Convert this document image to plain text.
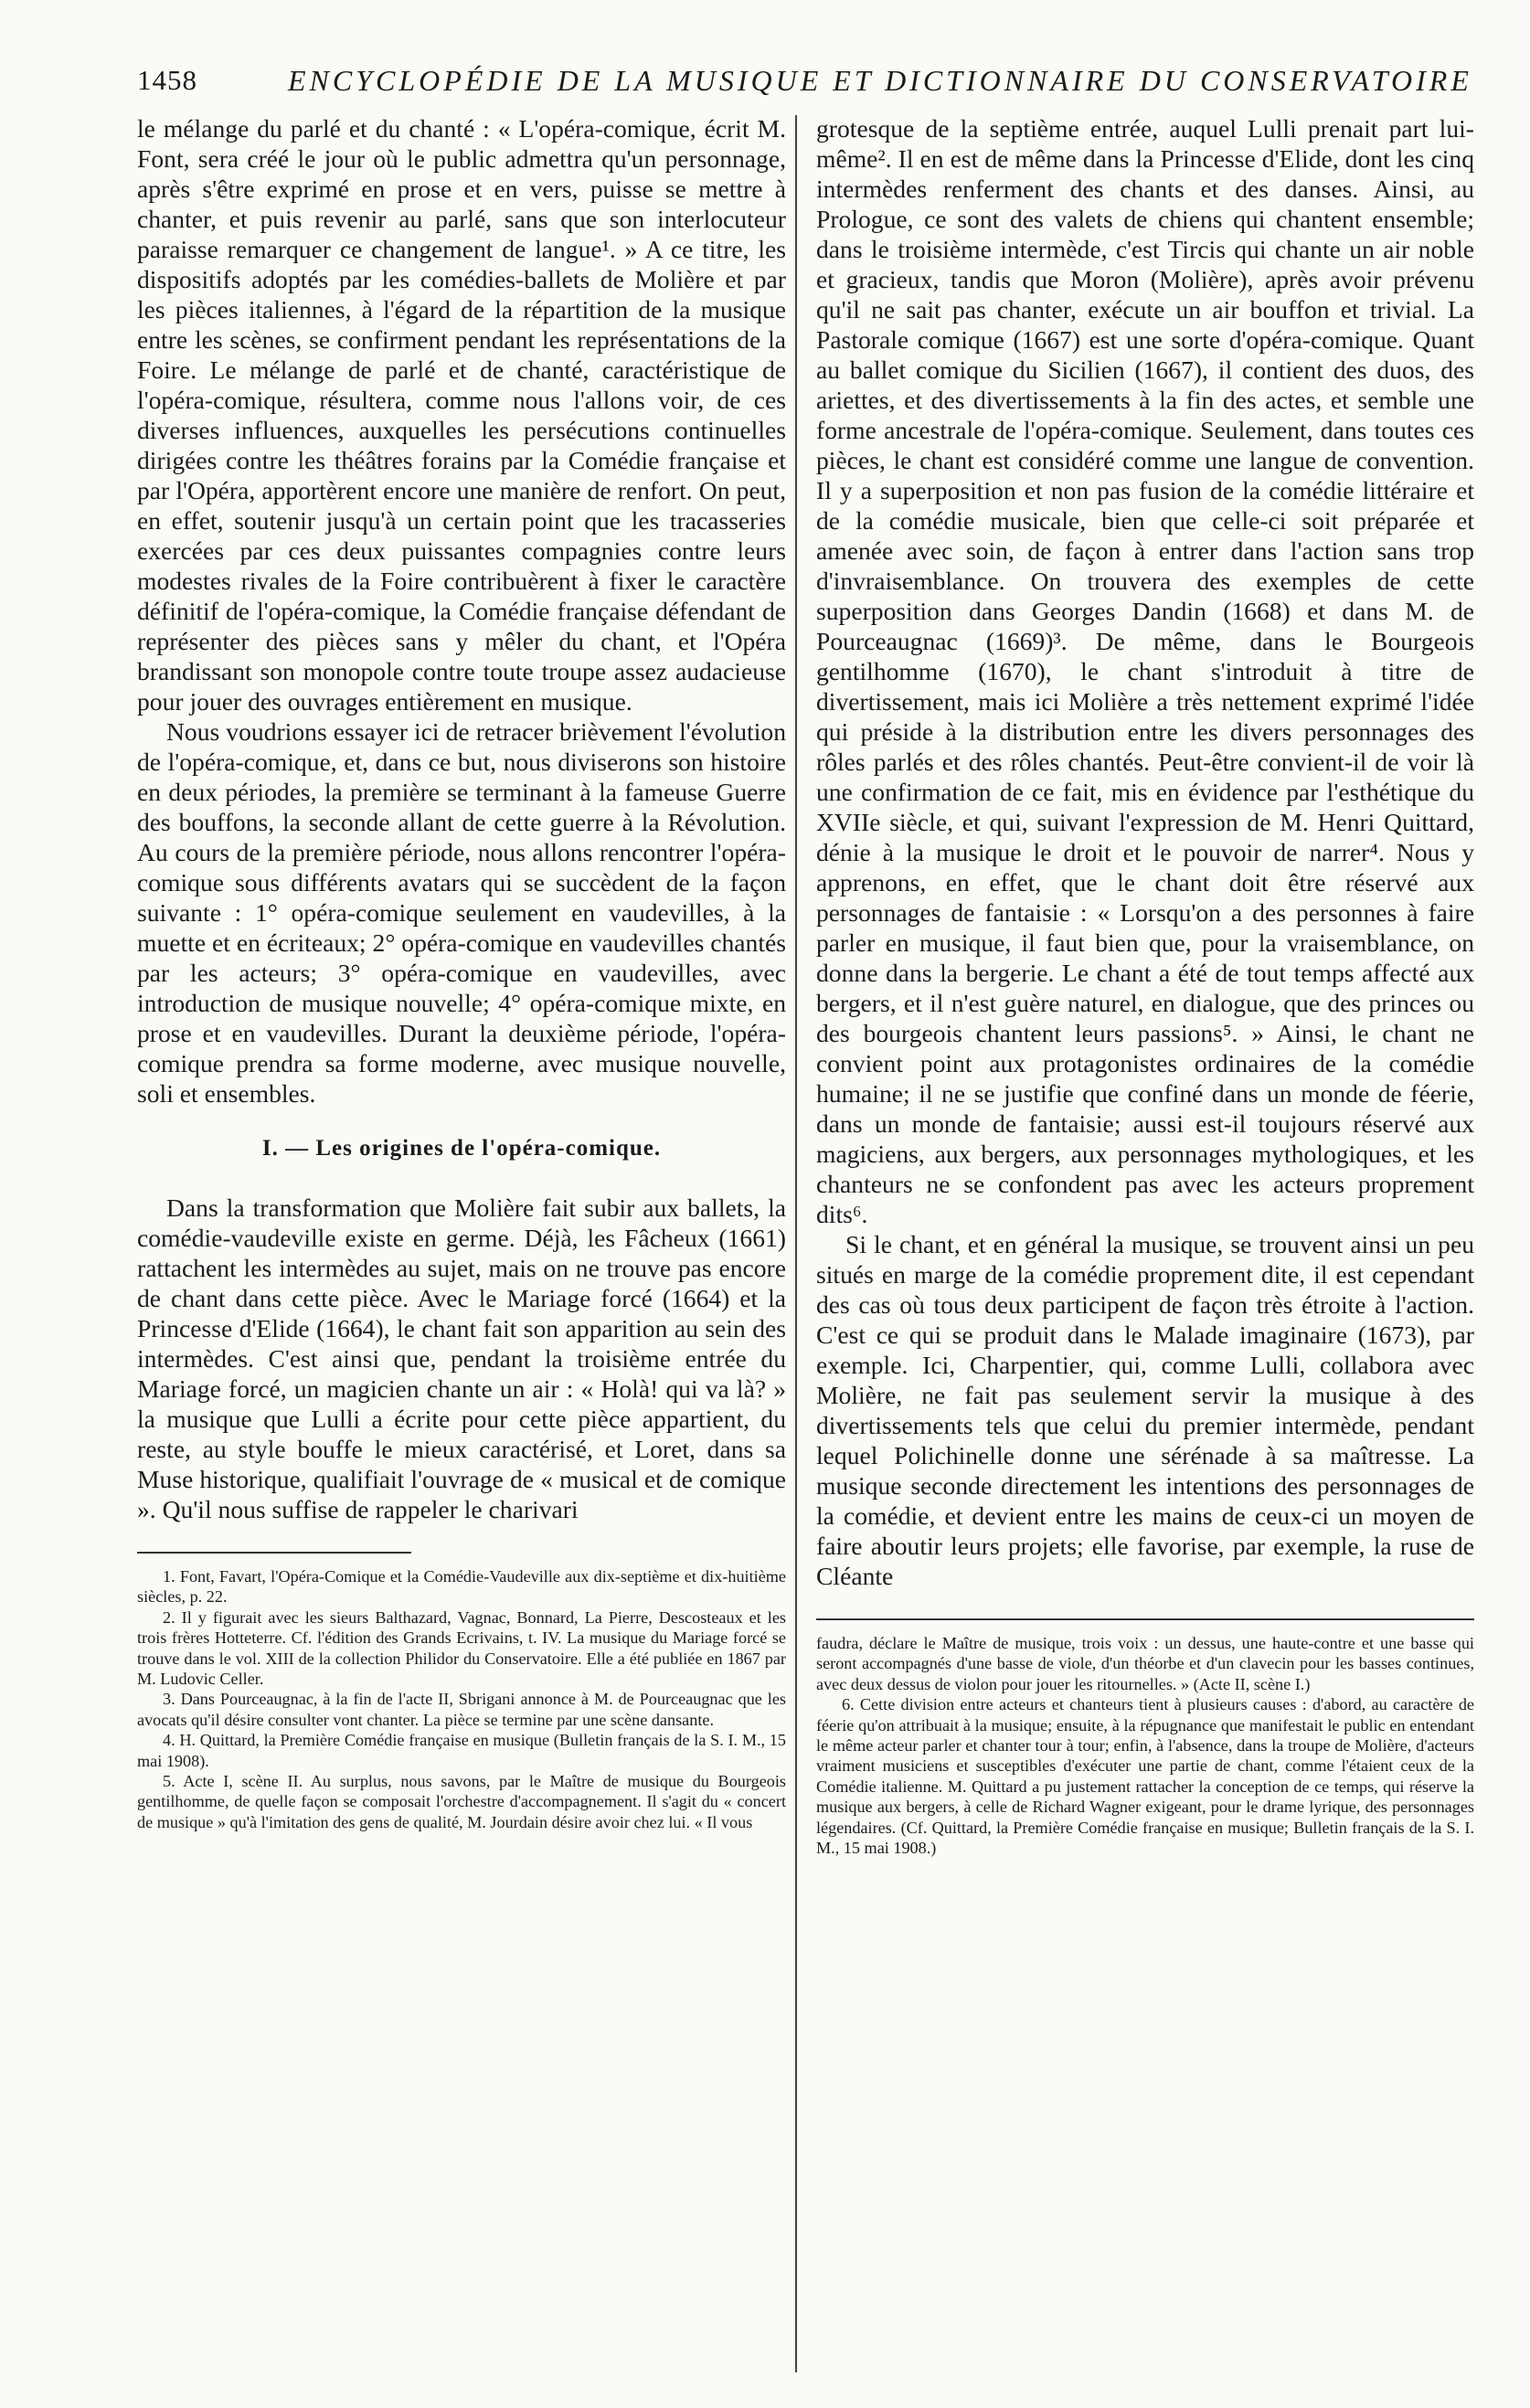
1458	ENCYCLOPÉDIE DE LA MUSIQUE ET DICTIONNAIRE DU CONSERVATOIRE

le mélange du parlé et du chanté : « L'opéra-comique, écrit M. Font, sera créé le jour où le public admettra qu'un personnage, après s'être exprimé en prose et en vers, puisse se mettre à chanter, et puis revenir au parlé, sans que son interlocuteur paraisse remarquer ce changement de langue¹. » A ce titre, les dispositifs adoptés par les comédies-ballets de Molière et par les pièces italiennes, à l'égard de la répartition de la musique entre les scènes, se confirment pendant les représentations de la Foire. Le mélange de parlé et de chanté, caractéristique de l'opéra-comique, résultera, comme nous l'allons voir, de ces diverses influences, auxquelles les persécutions continuelles dirigées contre les théâtres forains par la Comédie française et par l'Opéra, apportèrent encore une manière de renfort. On peut, en effet, soutenir jusqu'à un certain point que les tracasseries exercées par ces deux puissantes compagnies contre leurs modestes rivales de la Foire contribuèrent à fixer le caractère définitif de l'opéra-comique, la Comédie française défendant de représenter des pièces sans y mêler du chant, et l'Opéra brandissant son monopole contre toute troupe assez audacieuse pour jouer des ouvrages entièrement en musique.

Nous voudrions essayer ici de retracer brièvement l'évolution de l'opéra-comique, et, dans ce but, nous diviserons son histoire en deux périodes, la première se terminant à la fameuse Guerre des bouffons, la seconde allant de cette guerre à la Révolution. Au cours de la première période, nous allons rencontrer l'opéra-comique sous différents avatars qui se succèdent de la façon suivante : 1° opéra-comique seulement en vaudevilles, à la muette et en écriteaux; 2° opéra-comique en vaudevilles chantés par les acteurs; 3° opéra-comique en vaudevilles, avec introduction de musique nouvelle; 4° opéra-comique mixte, en prose et en vaudevilles. Durant la deuxième période, l'opéra-comique prendra sa forme moderne, avec musique nouvelle, soli et ensembles.

I. — Les origines de l'opéra-comique.

Dans la transformation que Molière fait subir aux ballets, la comédie-vaudeville existe en germe. Déjà, les Fâcheux (1661) rattachent les intermèdes au sujet, mais on ne trouve pas encore de chant dans cette pièce. Avec le Mariage forcé (1664) et la Princesse d'Elide (1664), le chant fait son apparition au sein des intermèdes. C'est ainsi que, pendant la troisième entrée du Mariage forcé, un magicien chante un air : « Holà! qui va là? » la musique que Lulli a écrite pour cette pièce appartient, du reste, au style bouffe le mieux caractérisé, et Loret, dans sa Muse historique, qualifiait l'ouvrage de « musical et de comique ». Qu'il nous suffise de rappeler le charivari

1. Font, Favart, l'Opéra-Comique et la Comédie-Vaudeville aux dix-septième et dix-huitième siècles, p. 22.

2. Il y figurait avec les sieurs Balthazard, Vagnac, Bonnard, La Pierre, Descosteaux et les trois frères Hotteterre. Cf. l'édition des Grands Ecrivains, t. IV. La musique du Mariage forcé se trouve dans le vol. XIII de la collection Philidor du Conservatoire. Elle a été publiée en 1867 par M. Ludovic Celler.

3. Dans Pourceaugnac, à la fin de l'acte II, Sbrigani annonce à M. de Pourceaugnac que les avocats qu'il désire consulter vont chanter. La pièce se termine par une scène dansante.

4. H. Quittard, la Première Comédie française en musique (Bulletin français de la S. I. M., 15 mai 1908).

5. Acte I, scène II. Au surplus, nous savons, par le Maître de musique du Bourgeois gentilhomme, de quelle façon se composait l'orchestre d'accompagnement. Il s'agit du « concert de musique » qu'à l'imitation des gens de qualité, M. Jourdain désire avoir chez lui. « Il vous

grotesque de la septième entrée, auquel Lulli prenait part lui-même². Il en est de même dans la Princesse d'Elide, dont les cinq intermèdes renferment des chants et des danses. Ainsi, au Prologue, ce sont des valets de chiens qui chantent ensemble; dans le troisième intermède, c'est Tircis qui chante un air noble et gracieux, tandis que Moron (Molière), après avoir prévenu qu'il ne sait pas chanter, exécute un air bouffon et trivial. La Pastorale comique (1667) est une sorte d'opéra-comique. Quant au ballet comique du Sicilien (1667), il contient des duos, des ariettes, et des divertissements à la fin des actes, et semble une forme ancestrale de l'opéra-comique. Seulement, dans toutes ces pièces, le chant est considéré comme une langue de convention. Il y a superposition et non pas fusion de la comédie littéraire et de la comédie musicale, bien que celle-ci soit préparée et amenée avec soin, de façon à entrer dans l'action sans trop d'invraisemblance. On trouvera des exemples de cette superposition dans Georges Dandin (1668) et dans M. de Pourceaugnac (1669)³. De même, dans le Bourgeois gentilhomme (1670), le chant s'introduit à titre de divertissement, mais ici Molière a très nettement exprimé l'idée qui préside à la distribution entre les divers personnages des rôles parlés et des rôles chantés. Peut-être convient-il de voir là une confirmation de ce fait, mis en évidence par l'esthétique du XVIIe siècle, et qui, suivant l'expression de M. Henri Quittard, dénie à la musique le droit et le pouvoir de narrer⁴. Nous y apprenons, en effet, que le chant doit être réservé aux personnages de fantaisie : « Lorsqu'on a des personnes à faire parler en musique, il faut bien que, pour la vraisemblance, on donne dans la bergerie. Le chant a été de tout temps affecté aux bergers, et il n'est guère naturel, en dialogue, que des princes ou des bourgeois chantent leurs passions⁵. » Ainsi, le chant ne convient point aux protagonistes ordinaires de la comédie humaine; il ne se justifie que confiné dans un monde de féerie, dans un monde de fantaisie; aussi est-il toujours réservé aux magiciens, aux bergers, aux personnages mythologiques, et les chanteurs ne se confondent pas avec les acteurs proprement dits⁶.

Si le chant, et en général la musique, se trouvent ainsi un peu situés en marge de la comédie proprement dite, il est cependant des cas où tous deux participent de façon très étroite à l'action. C'est ce qui se produit dans le Malade imaginaire (1673), par exemple. Ici, Charpentier, qui, comme Lulli, collabora avec Molière, ne fait pas seulement servir la musique à des divertissements tels que celui du premier intermède, pendant lequel Polichinelle donne une sérénade à sa maîtresse. La musique seconde directement les intentions des personnages de la comédie, et devient entre les mains de ceux-ci un moyen de faire aboutir leurs projets; elle favorise, par exemple, la ruse de Cléante

faudra, déclare le Maître de musique, trois voix : un dessus, une haute-contre et une basse qui seront accompagnés d'une basse de viole, d'un théorbe et d'un clavecin pour les basses continues, avec deux dessus de violon pour jouer les ritournelles. » (Acte II, scène I.)

6. Cette division entre acteurs et chanteurs tient à plusieurs causes : d'abord, au caractère de féerie qu'on attribuait à la musique; ensuite, à la répugnance que manifestait le public en entendant le même acteur parler et chanter tour à tour; enfin, à l'absence, dans la troupe de Molière, d'acteurs vraiment musiciens et susceptibles d'exécuter une partie de chant, comme l'étaient ceux de la Comédie italienne. M. Quittard a pu justement rattacher la conception de ce temps, qui réserve la musique aux bergers, à celle de Richard Wagner exigeant, pour le drame lyrique, des personnages légendaires. (Cf. Quittard, la Première Comédie française en musique; Bulletin français de la S. I. M., 15 mai 1908.)
